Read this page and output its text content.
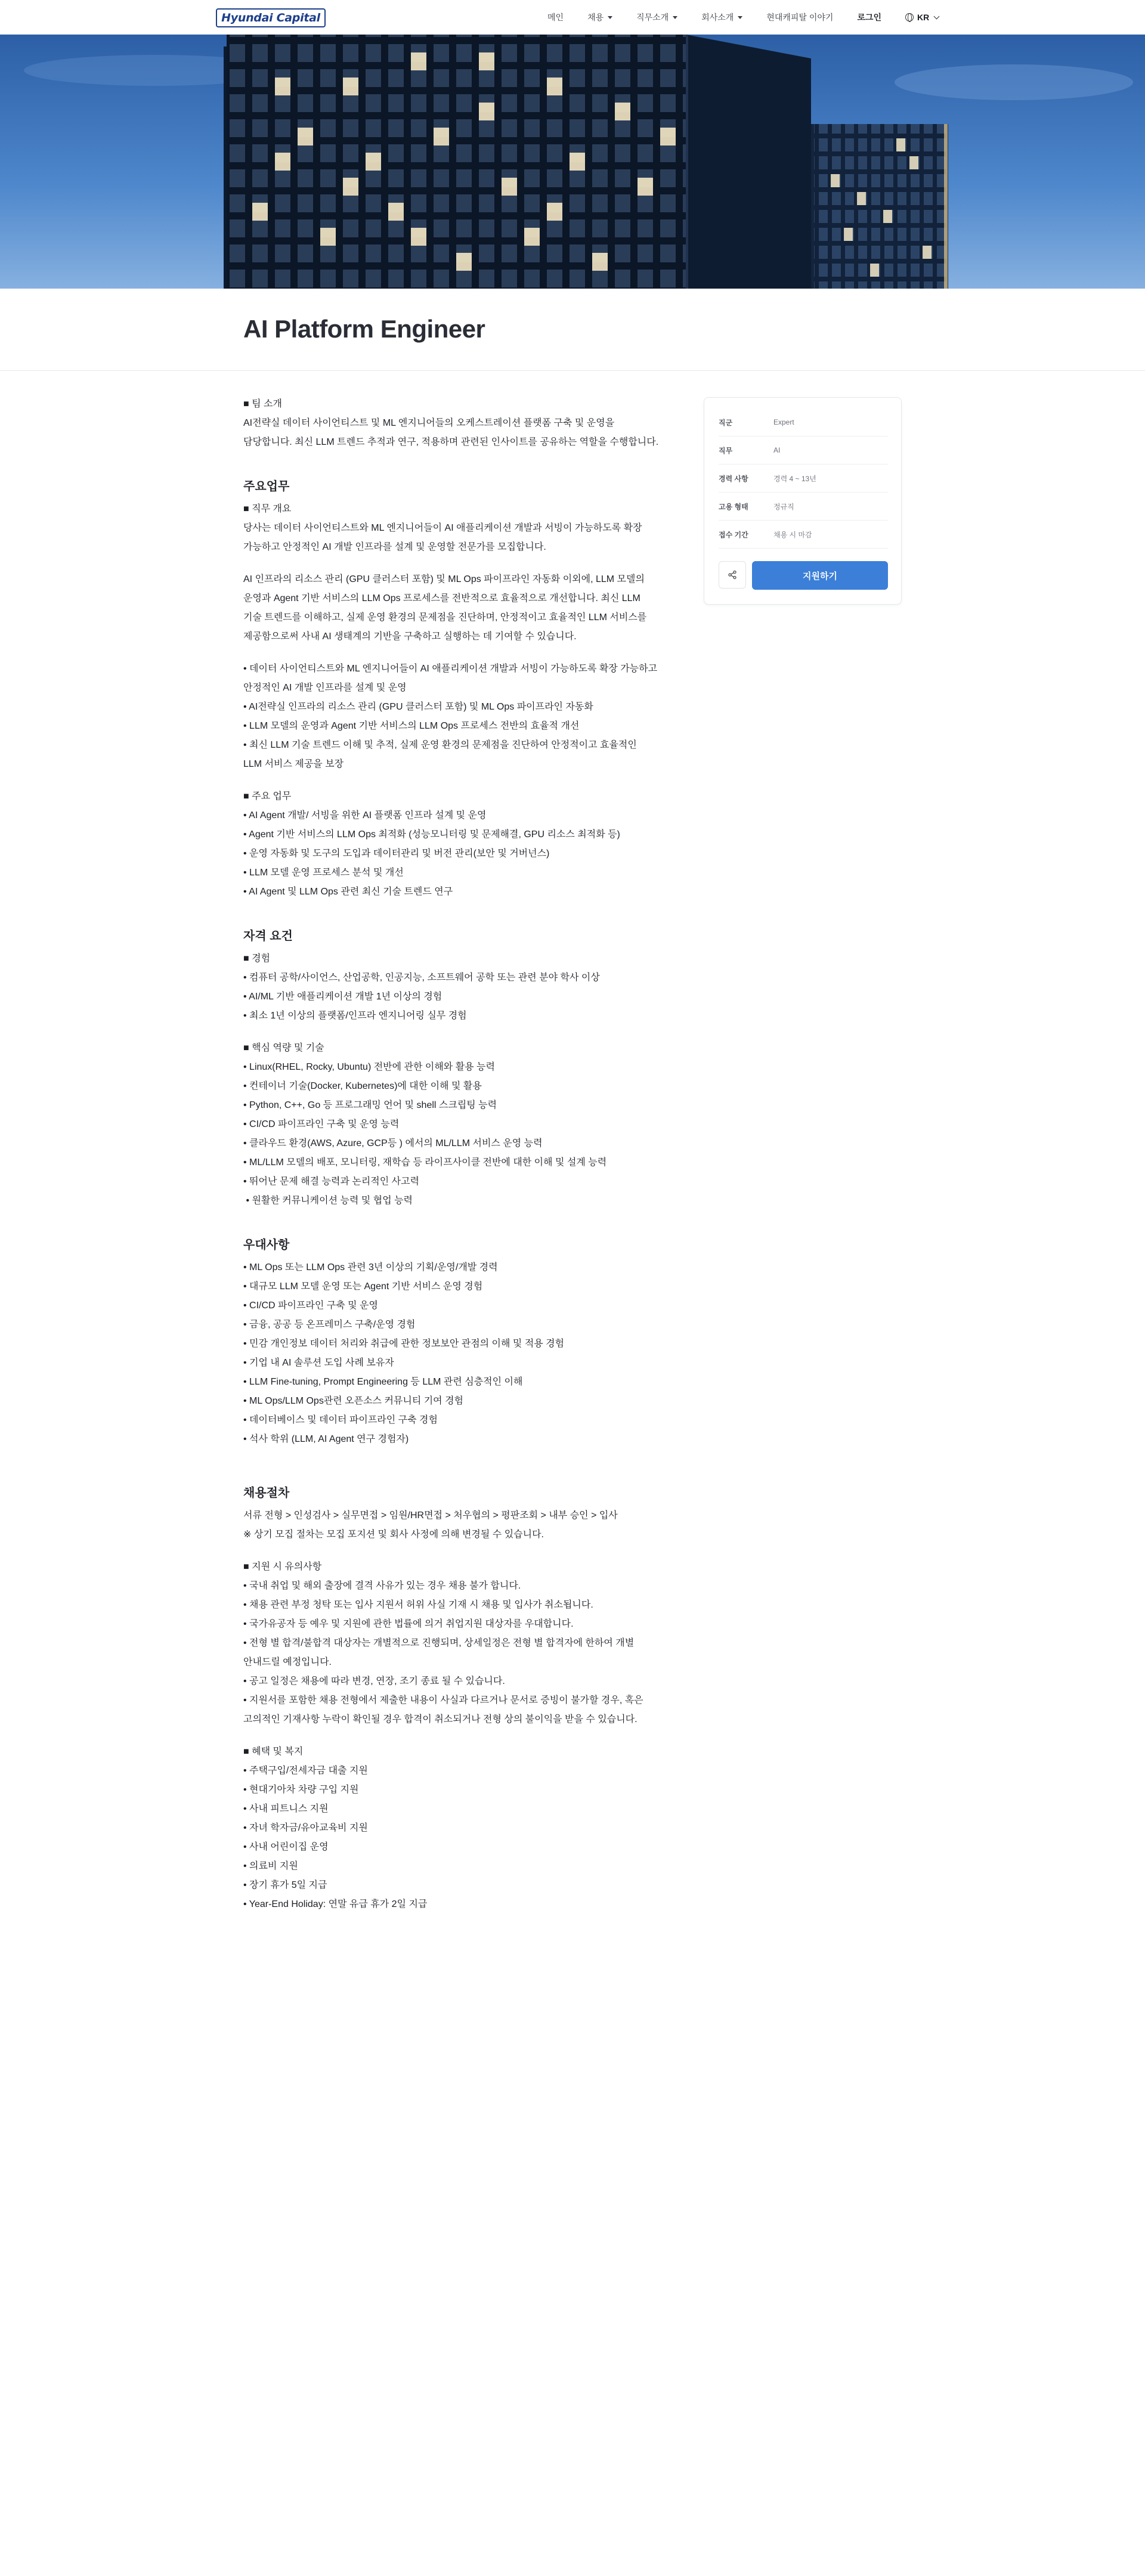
Hyundai Capital	메인	채용	직무소개	회사소개	현대캐피탈 이야기	로그인	KR
AI Platform Engineer

■ 팀 소개

AI전략실 데이터 사이언티스트 및 ML 엔지니어들의 오케스트레이션 플랫폼 구축 및 운영을

담당합니다. 최신 LLM 트렌드 추적과 연구, 적용하며 관련된 인사이트를 공유하는 역할을 수행합니다.

주요업무

■ 직무 개요

당사는 데이터 사이언티스트와 ML 엔지니어들이 AI 애플리케이션 개발과 서빙이 가능하도록 확장

가능하고 안정적인 AI 개발 인프라를 설계 및 운영할 전문가를 모집합니다.

AI 인프라의 리소스 관리 (GPU 클러스터 포함) 및 ML Ops 파이프라인 자동화 이외에, LLM 모델의

운영과 Agent 기반 서비스의 LLM Ops 프로세스를 전반적으로 효율적으로 개선합니다. 최신 LLM

기술 트렌드를 이해하고, 실제 운영 환경의 문제점을 진단하며, 안정적이고 효율적인 LLM 서비스를

제공함으로써 사내 AI 생태계의 기반을 구축하고 실행하는 데 기여할 수 있습니다.

• 데이터 사이언티스트와 ML 엔지니어들이 AI 애플리케이션 개발과 서빙이 가능하도록 확장 가능하고

안정적인 AI 개발 인프라를 설계 및 운영

• AI전략실 인프라의 리소스 관리 (GPU 클러스터 포함) 및 ML Ops 파이프라인 자동화

• LLM 모델의 운영과 Agent 기반 서비스의 LLM Ops 프로세스 전반의 효율적 개선

• 최신 LLM 기술 트렌드 이해 및 추적, 실제 운영 환경의 문제점을 진단하여 안정적이고 효율적인

LLM 서비스 제공을 보장

■ 주요 업무

• AI Agent 개발/ 서빙을 위한 AI 플랫폼 인프라 설계 및 운영

• Agent 기반 서비스의 LLM Ops 최적화 (성능모니터링 및 문제해결, GPU 리소스 최적화 등)

• 운영 자동화 및 도구의 도입과 데이터관리 및 버전 관리(보안 및 거버넌스)

• LLM 모델 운영 프로세스 분석 및 개선

• AI Agent 및 LLM Ops 관련 최신 기술 트렌드 연구

자격 요건

■ 경험

• 컴퓨터 공학/사이언스, 산업공학, 인공지능, 소프트웨어 공학 또는 관련 분야 학사 이상

• AI/ML 기반 애플리케이션 개발 1년 이상의 경험

• 최소 1년 이상의 플랫폼/인프라 엔지니어링 실무 경험

■ 핵심 역량 및 기술

• Linux(RHEL, Rocky, Ubuntu) 전반에 관한 이해와 활용 능력

• 컨테이너 기술(Docker, Kubernetes)에 대한 이해 및 활용

• Python, C++, Go 등 프로그래밍 언어 및 shell 스크립팅 능력

• CI/CD 파이프라인 구축 및 운영 능력

• 클라우드 환경(AWS, Azure, GCP등 ) 에서의 ML/LLM 서비스 운영 능력

• ML/LLM 모델의 배포, 모니터링, 재학습 등 라이프사이클 전반에 대한 이해 및 설계 능력

• 뛰어난 문제 해결 능력과 논리적인 사고력

• 원활한 커뮤니케이션 능력 및 협업 능력

우대사항

• ML Ops 또는 LLM Ops 관련 3년 이상의 기획/운영/개발 경력

• 대규모 LLM 모델 운영 또는 Agent 기반 서비스 운영 경험

• CI/CD 파이프라인 구축 및 운영

• 금융, 공공 등 온프레미스 구축/운영 경험

• 민감 개인정보 데이터 처리와 취급에 관한 정보보안 관점의 이해 및 적용 경험

• 기업 내 AI 솔루션 도입 사례 보유자

• LLM Fine-tuning, Prompt Engineering 등 LLM 관련 심층적인 이해

• ML Ops/LLM Ops관련 오픈소스 커뮤니티 기여 경험

• 데이터베이스 및 데이터 파이프라인 구축 경험

• 석사 학위 (LLM, AI Agent 연구 경험자)

채용절차

서류 전형 > 인성검사 > 실무면접 > 임원/HR면접 > 처우협의 > 평판조회 > 내부 승인 > 입사

※ 상기 모집 절차는 모집 포지션 및 회사 사정에 의해 변경될 수 있습니다.

■ 지원 시 유의사항

• 국내 취업 및 해외 출장에 결격 사유가 있는 경우 채용 불가 합니다.

• 채용 관련 부정 청탁 또는 입사 지원서 허위 사실 기재 시 채용 및 입사가 취소됩니다.

• 국가유공자 등 예우 및 지원에 관한 법률에 의거 취업지원 대상자를 우대합니다.

• 전형 별 합격/불합격 대상자는 개별적으로 진행되며, 상세일정은 전형 별 합격자에 한하여 개별

안내드릴 예정입니다.

• 공고 일정은 채용에 따라 변경, 연장, 조기 종료 될 수 있습니다.

• 지원서를 포함한 채용 전형에서 제출한 내용이 사실과 다르거나 문서로 증빙이 불가할 경우, 혹은

고의적인 기재사항 누락이 확인될 경우 합격이 취소되거나 전형 상의 불이익을 받을 수 있습니다.

■ 혜택 및 복지

• 주택구입/전세자금 대출 지원

• 현대기아차 차량 구입 지원

• 사내 피트니스 지원

• 자녀 학자금/유아교육비 지원

• 사내 어린이집 운영

• 의료비 지원

• 장기 휴가 5일 지급

• Year-End Holiday: 연말 유급 휴가 2일 지급

직군	Expert
직무	AI
경력 사항	경력 4 ~ 13년
고용 형태	정규직
접수 기간	채용 시 마감
지원하기
